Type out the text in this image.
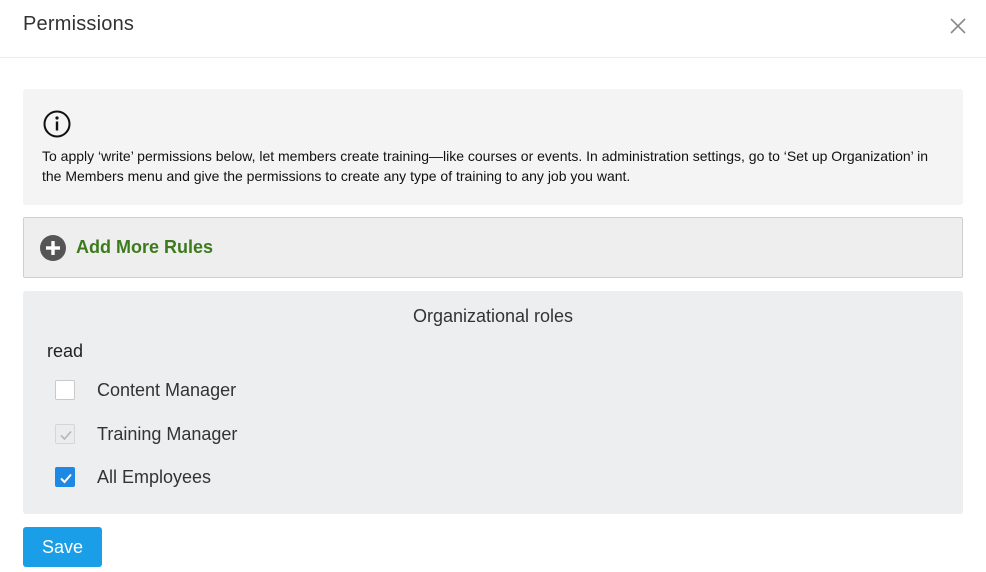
Permissions
To apply ‘write’ permissions below, let members create training—like courses or events. In administration settings, go to ‘Set up Organization’ in the Members menu and give the permissions to create any type of training to any job you want.
Add More Rules
Organizational roles
read
Content Manager
Training Manager
All Employees
Save
